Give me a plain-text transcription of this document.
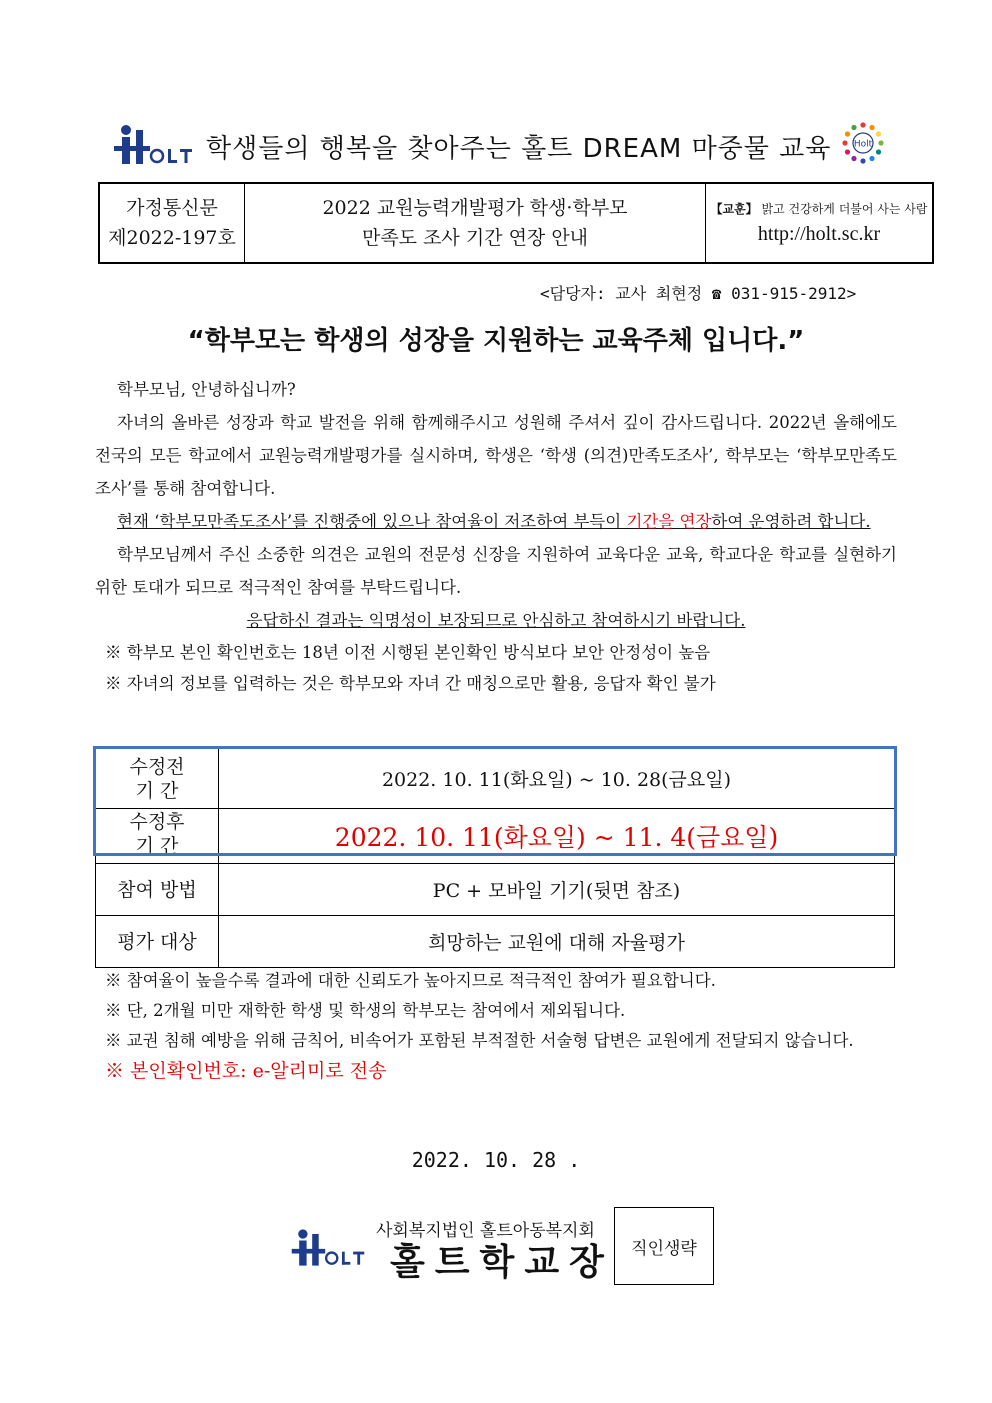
학생들의 행복을 찾아주는 홀트 DREAM 마중물 교육 Holt
가정통신문
제2022-197호
2022 교원능력개발평가 학생·학부모
만족도 조사 기간 연장 안내
【교훈】 밝고 건강하게 더불어 사는 사람
http://holt.sc.kr
<담당자: 교사 최현정 ☎ 031-915-2912>
“학부모는 학생의 성장을 지원하는 교육주체 입니다.”

학부모님, 안녕하십니까?

자녀의 올바른 성장과 학교 발전을 위해 함께해주시고 성원해 주셔서 깊이 감사드립니다. 2022년 올해에도 전국의 모든 학교에서 교원능력개발평가를 실시하며, 학생은 ‘학생 (의견)만족도조사’, 학부모는 ‘학부모만족도조사’를 통해 참여합니다.

현재 ‘학부모만족도조사’를 진행중에 있으나 참여율이 저조하여 부득이 기간을 연장하여 운영하려 합니다.

학부모님께서 주신 소중한 의견은 교원의 전문성 신장을 지원하여 교육다운 교육, 학교다운 학교를 실현하기 위한 토대가 되므로 적극적인 참여를 부탁드립니다.

응답하신 결과는 익명성이 보장되므로 안심하고 참여하시기 바랍니다.

※ 학부모 본인 확인번호는 18년 이전 시행된 본인확인 방식보다 보안 안정성이 높음

※ 자녀의 정보를 입력하는 것은 학부모와 자녀 간 매칭으로만 활용, 응답자 확인 불가

수정전 기 간	2022. 10. 11(화요일) ~ 10. 28(금요일)
수정후 기 간	2022. 10. 11(화요일) ~ 11. 4(금요일)
참여 방법	PC + 모바일 기기(뒷면 참조)
평가 대상	희망하는 교원에 대해 자율평가

※ 참여율이 높을수록 결과에 대한 신뢰도가 높아지므로 적극적인 참여가 필요합니다.

※ 단, 2개월 미만 재학한 학생 및 학생의 학부모는 참여에서 제외됩니다.

※ 교권 침해 예방을 위해 금칙어, 비속어가 포함된 부적절한 서술형 답변은 교원에게 전달되지 않습니다.

※ 본인확인번호: e-알리미로 전송

2022. 10. 28 .
사회복지법인 홀트아동복지회
홀트학교장	직인생략
